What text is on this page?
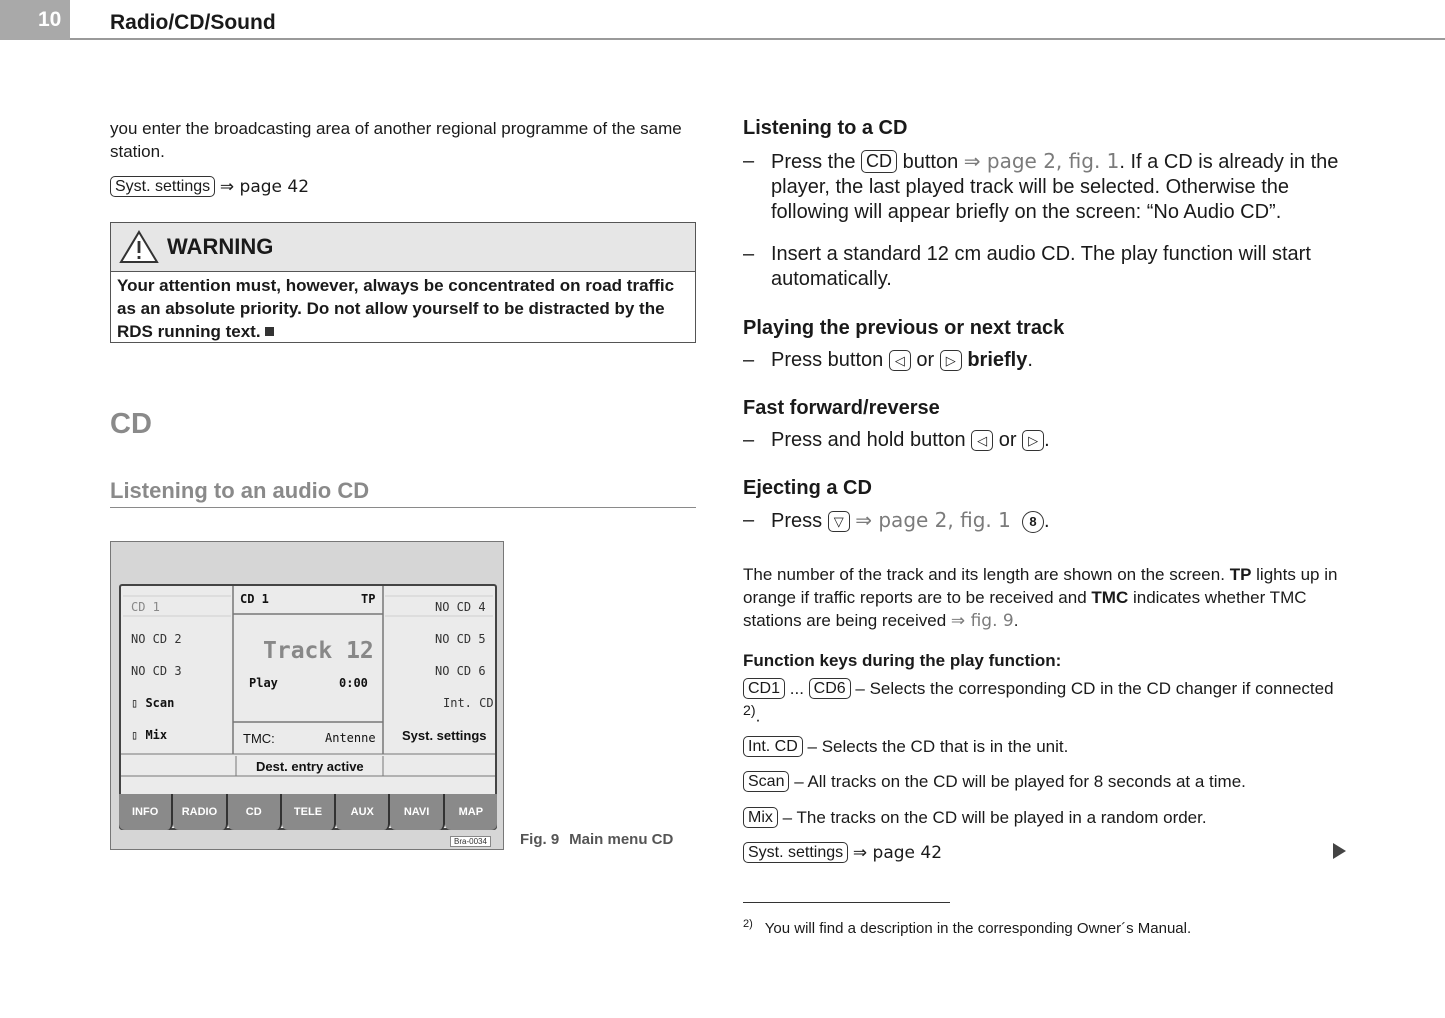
10	Radio/CD/Sound

you enter the broadcasting area of another regional programme of the same station.

Syst. settings ⇒ page 42

WARNING
Your attention must, however, always be concentrated on road traffic as an absolute priority. Do not allow yourself to be distracted by the RDS running text.
CD
Listening to an audio CD
CD 1
NO CD 2
NO CD 3
▯ Scan
▯ Mix
NO CD 4
NO CD 5
NO CD 6
Int. CD
Syst. settings
CD 1	TP
Track 12
Play	0:00
TMC:	Antenne
Dest. entry active
INFO	RADIO	CD	TELE	AUX	NAVI	MAP
Bra-0034 Fig. 9 Main menu CD
Listening to a CD
– Press the CD button ⇒ page 2, fig. 1. If a CD is already in the player, the last played track will be selected. Otherwise the following will appear briefly on the screen: “No Audio CD”.
– Insert a standard 12 cm audio CD. The play function will start automatically.
Playing the previous or next track
– Press button ◁ or ▷ briefly.
Fast forward/reverse
– Press and hold button ◁ or ▷ .
Ejecting a CD
– Press ▽ ⇒ page 2, fig. 1 8 .

The number of the track and its length are shown on the screen. TP lights up in orange if traffic reports are to be received and TMC indicates whether TMC stations are being received ⇒ fig. 9.

Function keys during the play function:

CD1 ... CD6 – Selects the corresponding CD in the CD changer if connected $^{2)}$.

Int. CD – Selects the CD that is in the unit.

Scan – All tracks on the CD will be played for 8 seconds at a time.

Mix – The tracks on the CD will be played in a random order.

Syst. settings ⇒ page 42

$^{2)}$ You will find a description in the corresponding Owner´s Manual.
